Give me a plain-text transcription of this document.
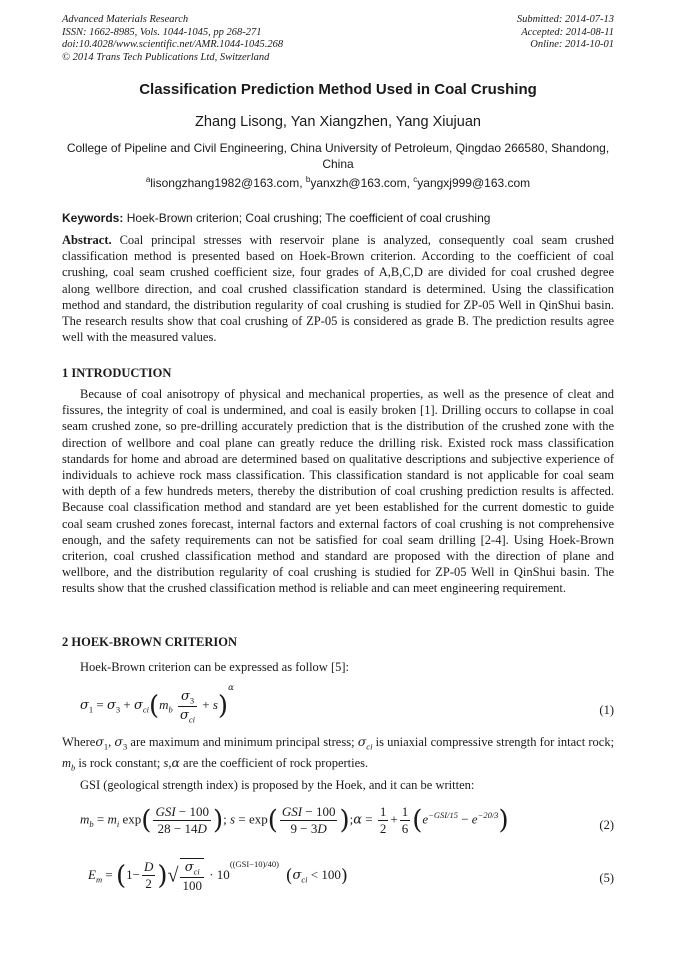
Advanced Materials Research
ISSN: 1662-8985, Vols. 1044-1045, pp 268-271
doi:10.4028/www.scientific.net/AMR.1044-1045.268
© 2014 Trans Tech Publications Ltd, Switzerland
Submitted: 2014-07-13
Accepted: 2014-08-11
Online: 2014-10-01
Classification Prediction Method Used in Coal Crushing
Zhang Lisong, Yan Xiangzhen, Yang Xiujuan
College of Pipeline and Civil Engineering, China University of Petroleum, Qingdao 266580, Shandong, China
$^a$lisongzhang1982@163.com, $^b$yanxzh@163.com, $^c$yangxj999@163.com
Keywords: Hoek-Brown criterion; Coal crushing; The coefficient of coal crushing
Abstract. Coal principal stresses with reservoir plane is analyzed, consequently coal seam crushed classification method is presented based on Hoek-Brown criterion. According to the coefficient of coal crushing, coal seam crushed coefficient size, four grades of A,B,C,D are divided for coal crushed degree along wellbore direction, and coal crushed classification standard is determined. Using the classification method and standard, the distribution regularity of coal crushing is studied for ZP-05 Well in QinShui basin. The research results show that coal crushing of ZP-05 is considered as grade B. The prediction results agree well with the measured values.
1 INTRODUCTION
Because of coal anisotropy of physical and mechanical properties, as well as the presence of cleat and fissures, the integrity of coal is undermined, and coal is easily broken [1]. Drilling occurs to collapse in coal seam crushed zone, so pre-drilling accurately prediction that is the distribution of the crushed zone with the direction of wellbore and coal plane can greatly reduce the drilling risk. Existed rock mass classification standards for home and abroad are determined based on qualitative descriptions and subjective experience of individuals to achieve rock mass classification. This classification standard is not applicable for coal seam with depth of a few hundreds meters, thereby the distribution of coal crushing prediction results is affected. Because coal classification method and standard are yet been established for the current domestic to guide coal seam crushed zones forecast, internal factors and external factors of coal crushing is not comprehensive enough, and the safety requirements can not be satisfied for coal seam drilling [2-4]. Using Hoek-Brown criterion, coal crushed classification method and standard are proposed with the direction of plane and wellbore, and the distribution regularity of coal crushing is studied for ZP-05 Well in QinShui basin. The results show that the crushed classification method is reliable and can meet engineering requirement.
2 HOEK-BROWN CRITERION
Hoek-Brown criterion can be expressed as follow [5]:
$\sigma_1 = \sigma_3 + \sigma_{ci}(m_b \frac{\sigma_3}{\sigma_{ci}} + s)^\alpha$
(1)
Whereσ$_1$, $\sigma_3$ are maximum and minimum principal stress; $\sigma_{ci}$ is uniaxial compressive strength for intact rock; $m_b$ is rock constant; s,α are the coefficient of rock properties.
GSI (geological strength index) is proposed by the Hoek, and it can be written:
$m_b = m_i$ $\exp( \frac{\text{GSI − 100}}{28 - 14D}$ ); $s = \exp( \frac{\text{GSI − 100}}{9 - 3D}$ );α = $\frac{1}{2} + \frac{1}{6} (e^{-GSI/15} - e^{-20/3})$	(2)
$E_m = (1- \frac{D}{2}$ )√ $\frac{\sigma_{ci}}{100} \cdot 10^{((GSI-10)/40)}$  $(\sigma_{ci} < 100)$	(5)
